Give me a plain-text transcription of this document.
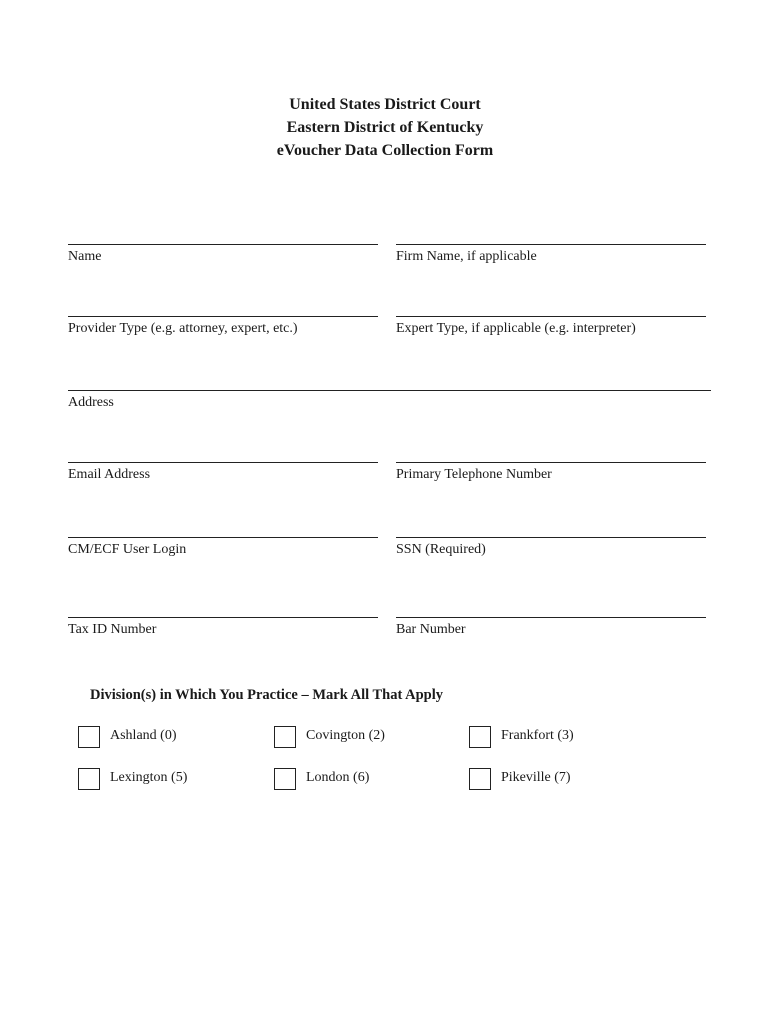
United States District Court
Eastern District of Kentucky
eVoucher Data Collection Form
Name	Firm Name, if applicable
Provider Type (e.g. attorney, expert, etc.)	Expert Type, if applicable (e.g. interpreter)
Address
Email Address	Primary Telephone Number
CM/ECF User Login	SSN (Required)
Tax ID Number	Bar Number
Division(s) in Which You Practice – Mark All That Apply
Ashland (0)	Covington (2)	Frankfort (3)
Lexington (5)	London (6)	Pikeville (7)
